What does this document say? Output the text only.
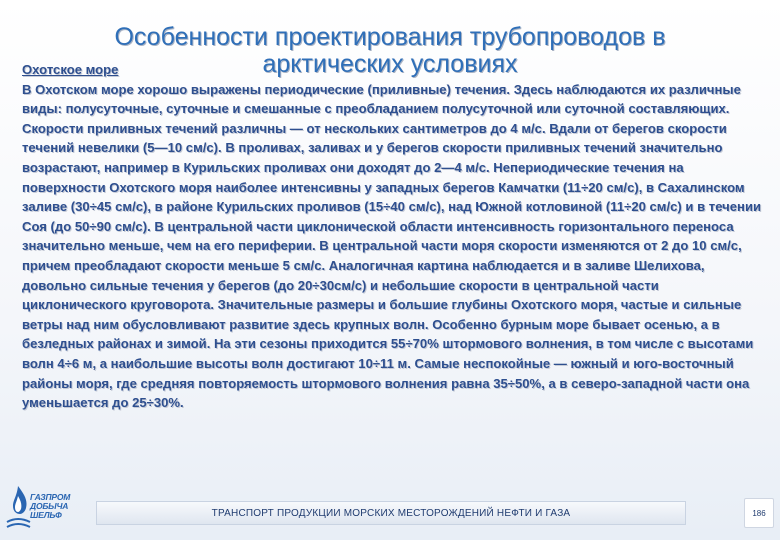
Особенности проектирования трубопроводов в арктических условиях
Охотское море

В Охотском море хорошо выражены периодические (приливные) течения. Здесь наблюдаются их различные виды: полусуточные, суточные и смешанные с преобладанием полусуточной или суточной составляющих. Скорости приливных течений различны — от нескольких сантиметров до 4 м/с. Вдали от берегов скорости течений невелики (5—10 см/с). В проливах, заливах и у берегов скорости приливных течений значительно возрастают, например в Курильских проливах они доходят до 2—4 м/с. Непериодические течения на поверхности Охотского моря наиболее интенсивны у западных берегов Камчатки (11÷20 см/с), в Сахалинском заливе (30÷45 см/с), в районе Курильских проливов (15÷40 см/с), над Южной котловиной (11÷20 см/с) и в течении Соя (до 50÷90 см/с). В центральной части циклонической области интенсивность горизонтального переноса значительно меньше, чем на его периферии. В центральной части моря скорости изменяются от 2 до 10 см/с, причем преобладают скорости меньше 5 см/с. Аналогичная картина наблюдается и в заливе Шелихова, довольно сильные течения у берегов (до 20÷30см/с) и небольшие скорости в центральной части циклонического круговорота. Значительные размеры и большие глубины Охотского моря, частые и сильные ветры над ним обусловливают развитие здесь крупных волн. Особенно бурным море бывает осенью, а в безледных районах и зимой. На эти сезоны приходится 55÷70% штормового волнения, в том числе с высотами волн 4÷6 м, а наибольшие высоты волн достигают 10÷11 м. Самые неспокойные — южный и юго-восточный районы моря, где средняя повторяемость штормового волнения равна 35÷50%, а в северо-западной части она уменьшается до 25÷30%.

ГАЗПРОМ
ДОБЫЧА
ШЕЛЬФ	ТРАНСПОРТ ПРОДУКЦИИ МОРСКИХ МЕСТОРОЖДЕНИЙ НЕФТИ И ГАЗА	186
